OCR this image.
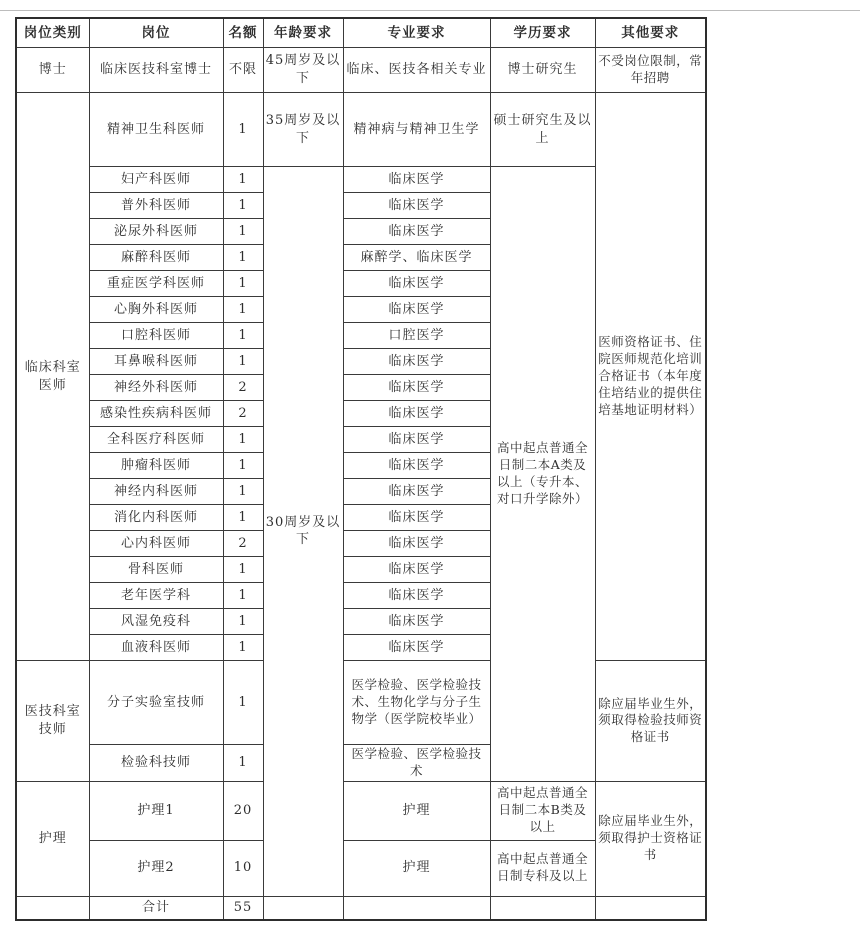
岗位类别	岗位	名额	年龄要求	专业要求	学历要求	其他要求
博士	临床医技科室博士	不限	45周岁及以下	临床、医技各相关专业	博士研究生	不受岗位限制，常年招聘
临床科室医师	精神卫生科医师	1	35周岁及以下	精神病与精神卫生学	硕士研究生及以上	医师资格证书、住院医师规范化培训合格证书（本年度住培结业的提供住培基地证明材料）
	妇产科医师	1	30周岁及以下	临床医学	高中起点普通全日制二本A类及以上（专升本、对口升学除外）	
	普外科医师	1		临床医学		
	泌尿外科医师	1		临床医学		
	麻醉科医师	1		麻醉学、临床医学		
	重症医学科医师	1		临床医学		
	心胸外科医师	1		临床医学		
	口腔科医师	1		口腔医学		
	耳鼻喉科医师	1		临床医学		
	神经外科医师	2		临床医学		
	感染性疾病科医师	2		临床医学		
	全科医疗科医师	1		临床医学		
	肿瘤科医师	1		临床医学		
	神经内科医师	1		临床医学		
	消化内科医师	1		临床医学		
	心内科医师	2		临床医学		
	骨科医师	1		临床医学		
	老年医学科	1		临床医学		
	风湿免疫科	1		临床医学		
	血液科医师	1		临床医学		
医技科室技师	分子实验室技师	1		医学检验、医学检验技术、生物化学与分子生物学（医学院校毕业）		除应届毕业生外，须取得检验技师资格证书
	检验科技师	1		医学检验、医学检验技术		
护理	护理1	20		护理	高中起点普通全日制二本B类及以上	除应届毕业生外，须取得护士资格证书
	护理2	10		护理	高中起点普通全日制专科及以上	
	合计	55				
